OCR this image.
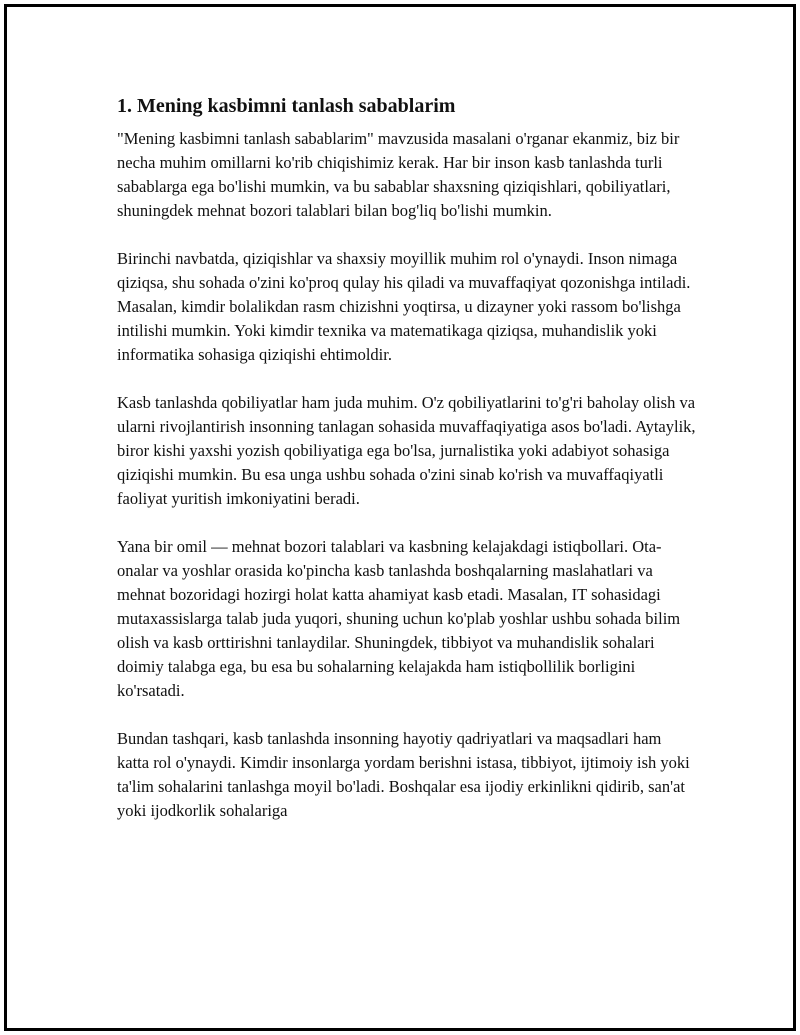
1. Mening kasbimni tanlash sabablarim

"Mening kasbimni tanlash sabablarim" mavzusida masalani o'rganar ekanmiz, biz bir necha muhim omillarni ko'rib chiqishimiz kerak. Har bir inson kasb tanlashda turli sabablarga ega bo'lishi mumkin, va bu sabablar shaxsning qiziqishlari, qobiliyatlari, shuningdek mehnat bozori talablari bilan bog'liq bo'lishi mumkin.

Birinchi navbatda, qiziqishlar va shaxsiy moyillik muhim rol o'ynaydi. Inson nimaga qiziqsa, shu sohada o'zini ko'proq qulay his qiladi va muvaffaqiyat qozonishga intiladi. Masalan, kimdir bolalikdan rasm chizishni yoqtirsa, u dizayner yoki rassom bo'lishga intilishi mumkin. Yoki kimdir texnika va matematikaga qiziqsa, muhandislik yoki informatika sohasiga qiziqishi ehtimoldir.

Kasb tanlashda qobiliyatlar ham juda muhim. O'z qobiliyatlarini to'g'ri baholay olish va ularni rivojlantirish insonning tanlagan sohasida muvaffaqiyatiga asos bo'ladi. Aytaylik, biror kishi yaxshi yozish qobiliyatiga ega bo'lsa, jurnalistika yoki adabiyot sohasiga qiziqishi mumkin. Bu esa unga ushbu sohada o'zini sinab ko'rish va muvaffaqiyatli faoliyat yuritish imkoniyatini beradi.

Yana bir omil — mehnat bozori talablari va kasbning kelajakdagi istiqbollari. Ota-onalar va yoshlar orasida ko'pincha kasb tanlashda boshqalarning maslahatlari va mehnat bozoridagi hozirgi holat katta ahamiyat kasb etadi. Masalan, IT sohasidagi mutaxassislarga talab juda yuqori, shuning uchun ko'plab yoshlar ushbu sohada bilim olish va kasb orttirishni tanlaydilar. Shuningdek, tibbiyot va muhandislik sohalari doimiy talabga ega, bu esa bu sohalarning kelajakda ham istiqbollilik borligini ko'rsatadi.

Bundan tashqari, kasb tanlashda insonning hayotiy qadriyatlari va maqsadlari ham katta rol o'ynaydi. Kimdir insonlarga yordam berishni istasa, tibbiyot, ijtimoiy ish yoki ta'lim sohalarini tanlashga moyil bo'ladi. Boshqalar esa ijodiy erkinlikni qidirib, san'at yoki ijodkorlik sohalariga
